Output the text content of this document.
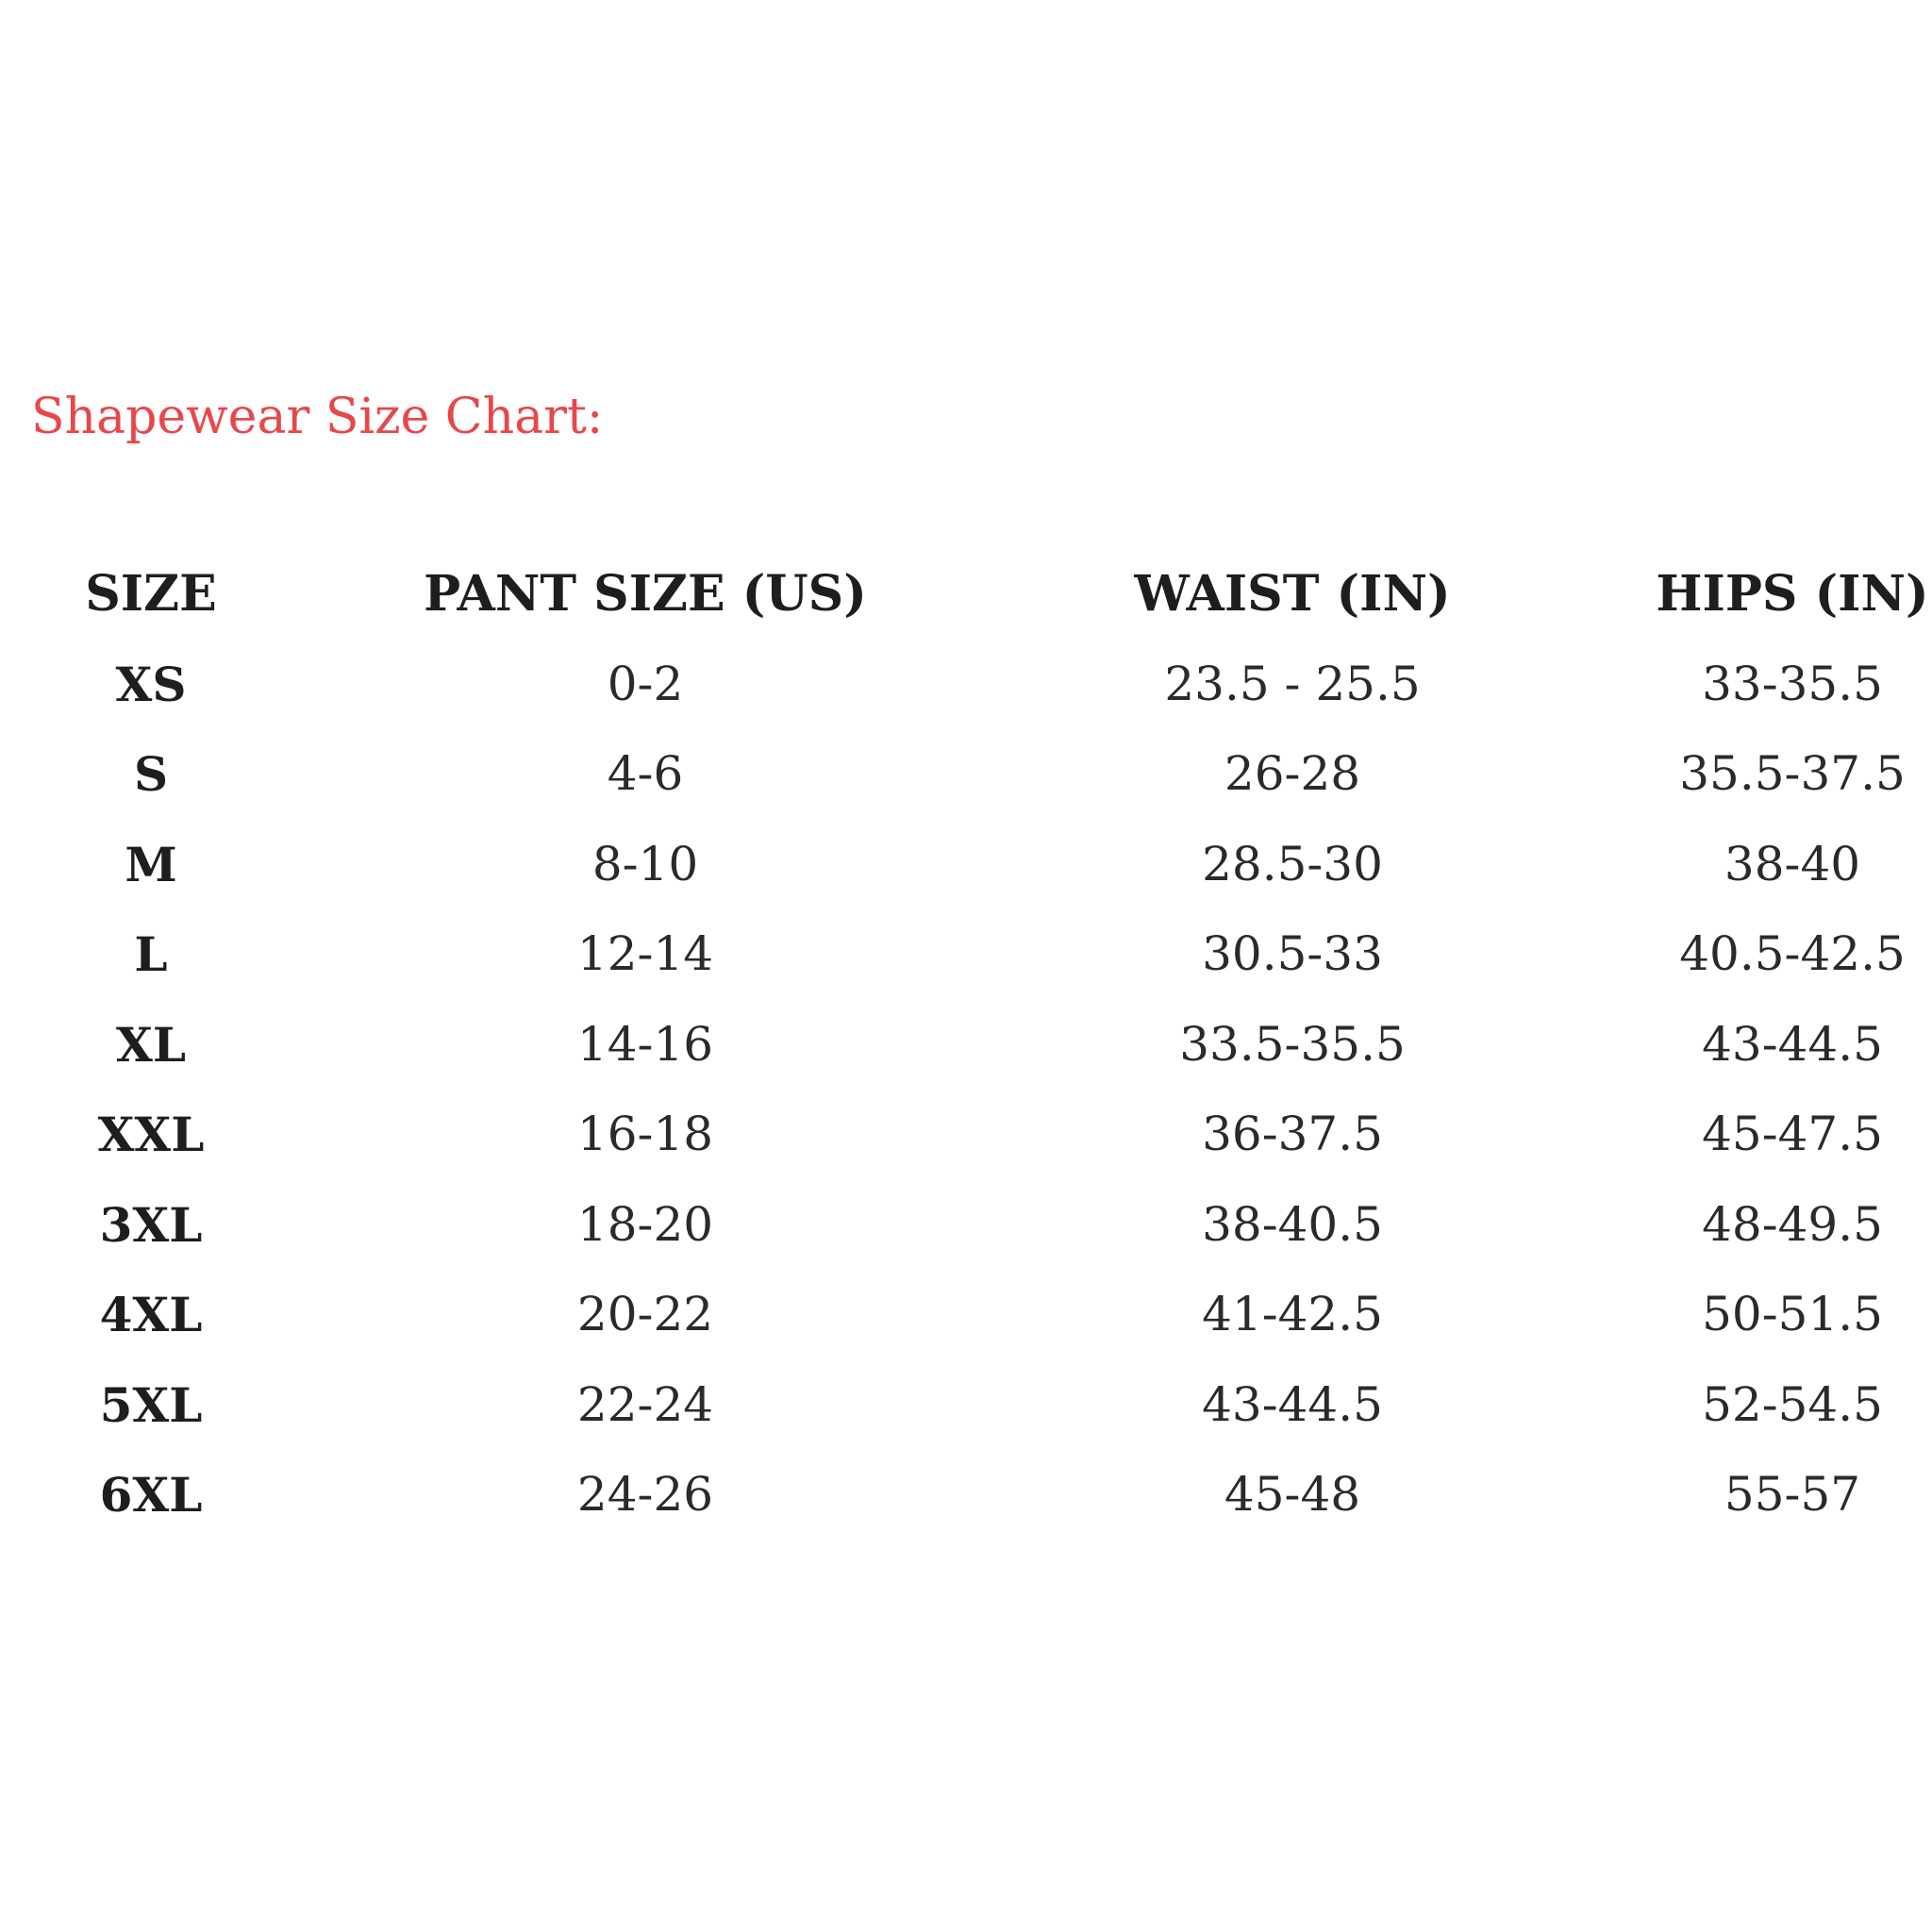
Shapewear Size Chart:
SIZE	PANT SIZE (US)	WAIST (IN)	HIPS (IN)
XS	0-2	23.5 - 25.5	33-35.5
S	4-6	26-28	35.5-37.5
M	8-10	28.5-30	38-40
L	12-14	30.5-33	40.5-42.5
XL	14-16	33.5-35.5	43-44.5
XXL	16-18	36-37.5	45-47.5
3XL	18-20	38-40.5	48-49.5
4XL	20-22	41-42.5	50-51.5
5XL	22-24	43-44.5	52-54.5
6XL	24-26	45-48	55-57
